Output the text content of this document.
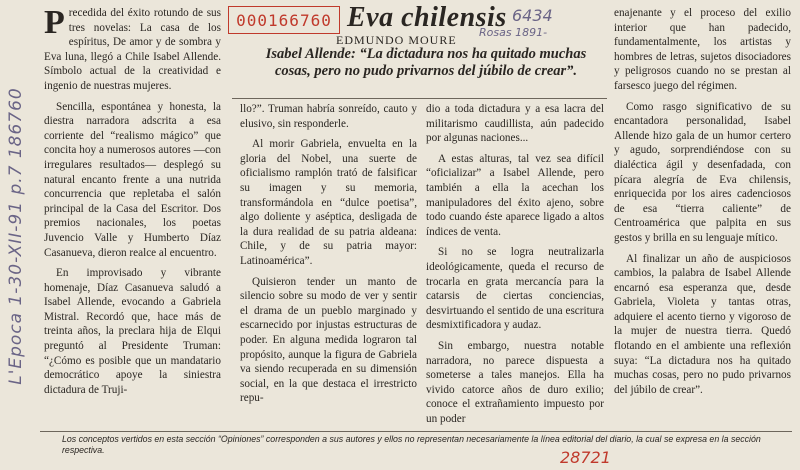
L'Epoca 1-30-XII-91 p.7 186760
000166760 Eva chilensis
EDMUNDO MOURE
6434
Rosas 1891-
Isabel Allende: “La dictadura nos ha quitado muchas cosas, pero no pudo privarnos del júbilo de crear”.

Precedida del éxito rotundo de sus tres novelas: La casa de los espíritus, De amor y de sombra y Eva luna, llegó a Chile Isabel Allende. Símbolo actual de la creatividad e ingenio de nuestras mujeres.

Sencilla, espontánea y honesta, la diestra narradora adscrita a esa corriente del “realismo mágico” que concita hoy a numerosos autores —con irregulares resultados— desplegó su natural encanto frente a una nutrida concurrencia que repletaba el salón principal de la Casa del Escritor. Dos premios nacionales, los poetas Juvencio Valle y Humberto Díaz Casanueva, dieron realce al encuentro.

En improvisado y vibrante homenaje, Díaz Casanueva saludó a Isabel Allende, evocando a Gabriela Mistral. Recordó que, hace más de treinta años, la preclara hija de Elqui preguntó al Presidente Truman: “¿Cómo es posible que un mandatario democrático apoye la siniestra dictadura de Truji-

llo?”. Truman habría sonreído, cauto y elusivo, sin responderle.

Al morir Gabriela, envuelta en la gloria del Nobel, una suerte de oficialismo ramplón trató de falsificar su imagen y su memoria, transformándola en “dulce poetisa”, algo doliente y aséptica, desligada de la dura realidad de su patria aldeana: Chile, y de su patria mayor: Latinoamérica”.

Quisieron tender un manto de silencio sobre su modo de ver y sentir el drama de un pueblo marginado y escarnecido por injustas estructuras de poder. En alguna medida lograron tal propósito, aunque la figura de Gabriela va siendo recuperada en su dimensión social, en la que destaca el irrestricto repu-

dio a toda dictadura y a esa lacra del militarismo caudillista, aún padecido por algunas naciones...

A estas alturas, tal vez sea difícil “oficializar” a Isabel Allende, pero también a ella la acechan los manipuladores del éxito ajeno, sobre todo cuando éste aparece ligado a altos índices de venta.

Si no se logra neutralizarla ideológicamente, queda el recurso de trocarla en grata mercancía para la catarsis de ciertas conciencias, desvirtuando el sentido de una escritura desmixtificadora y audaz.

Sin embargo, nuestra notable narradora, no parece dispuesta a someterse a tales manejos. Ella ha vivido catorce años de duro exilio; conoce el extrañamiento impuesto por un poder

enajenante y el proceso del exilio interior que han padecido, fundamentalmente, los artistas y hombres de letras, sujetos disociadores y peligrosos cuando no se prestan al farsesco juego del régimen.

Como rasgo significativo de su encantadora personalidad, Isabel Allende hizo gala de un humor certero y agudo, sorprendiéndose con su dialéctica ágil y desenfadada, con pícara alegría de Eva chilensis, enriquecida por los aires cadenciosos de esa “tierra caliente” de Centroamérica que palpita en sus gestos y brilla en su lenguaje mítico.

Al finalizar un año de auspiciosos cambios, la palabra de Isabel Allende encarnó esa esperanza que, desde Gabriela, Violeta y tantas otras, adquiere el acento tierno y vigoroso de la mujer de nuestra tierra. Quedó flotando en el ambiente una reflexión suya: “La dictadura nos ha quitado muchas cosas, pero no pudo privarnos del júbilo de crear”.

Los conceptos vertidos en esta sección “Opiniones” corresponden a sus autores y ellos no representan necesariamente la línea editorial del diario, la cual se expresa en la sección respectiva.	28721
